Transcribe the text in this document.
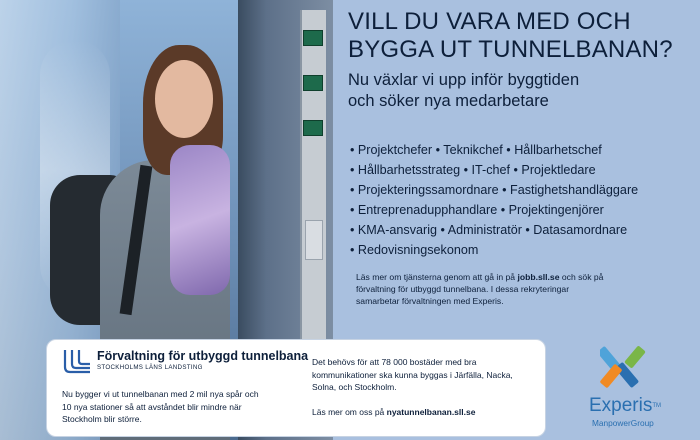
VILL DU VARA MED OCH
BYGGA UT TUNNELBANAN?
Nu växlar vi upp inför byggtiden
och söker nya medarbetare
• Projektchefer • Teknikchef • Hållbarhetschef
• Hållbarhetsstrateg • IT-chef • Projektledare
• Projekteringssamordnare • Fastighetshandläggare
• Entreprenadupphandlare • Projektingenjörer
• KMA-ansvarig • Administratör • Datasamordnare
• Redovisningsekonom
Läs mer om tjänsterna genom att gå in på jobb.sll.se och sök på
förvaltning för utbyggd tunnelbana. I dessa rekryteringar
samarbetar förvaltningen med Experis.
Förvaltning för utbyggd tunnelbana
STOCKHOLMS LÄNS LANDSTING
Nu bygger vi ut tunnelbanan med 2 mil nya spår och
10 nya stationer så att avståndet blir mindre när
Stockholm blir större.
Det behövs för att 78 000 bostäder med bra
kommunikationer ska kunna byggas i Järfälla, Nacka,
Solna, och Stockholm.
Läs mer om oss på nyatunnelbanan.sll.se	Experis™
ManpowerGroup
